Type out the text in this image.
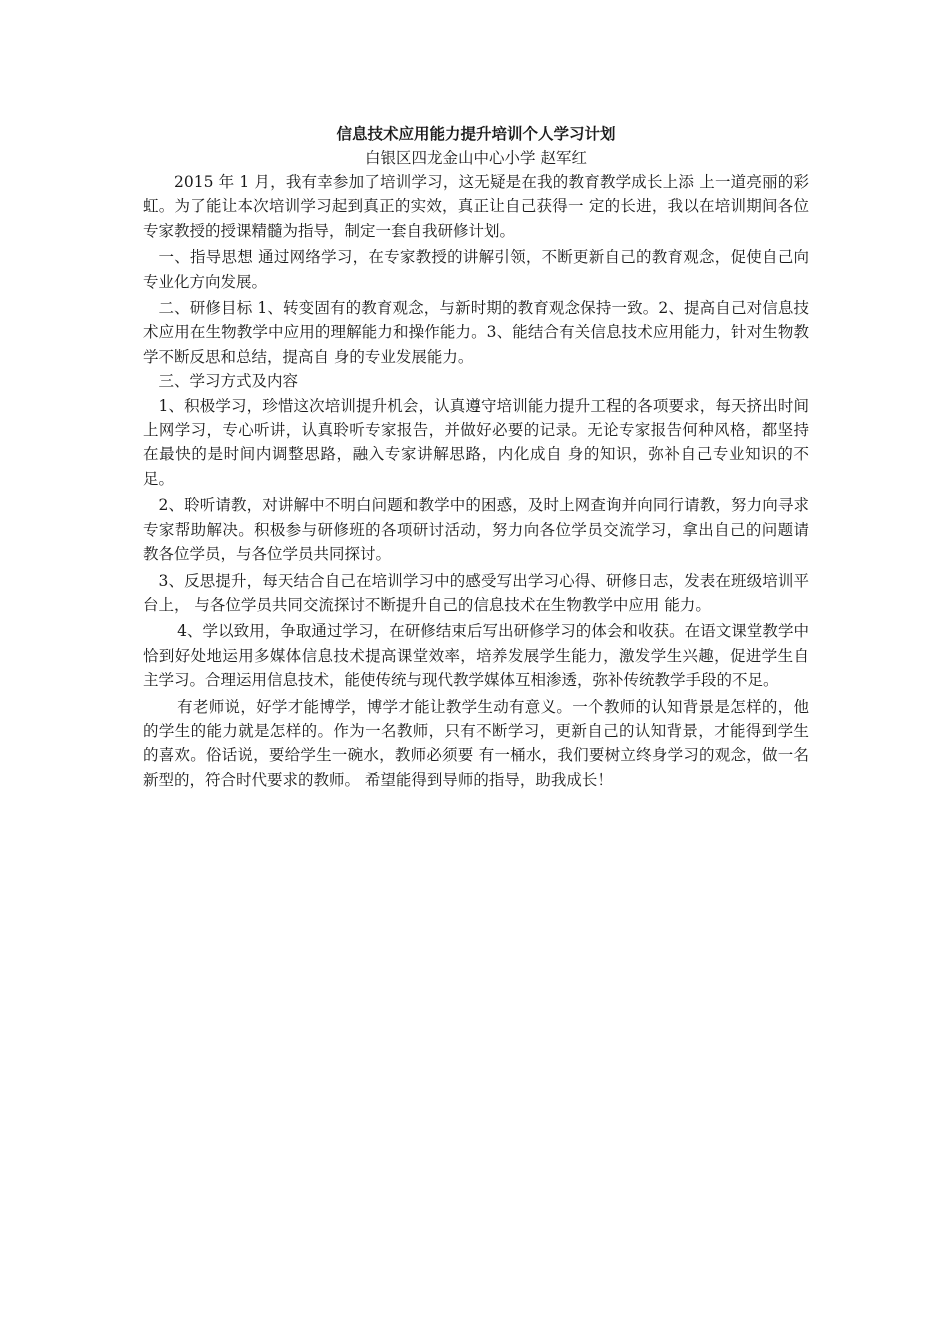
信息技术应用能力提升培训个人学习计划

白银区四龙金山中心小学 赵军红

2015 年 1 月，我有幸参加了培训学习，这无疑是在我的教育教学成长上添 上一道亮丽的彩虹。为了能让本次培训学习起到真正的实效，真正让自己获得一 定的长进，我以在培训期间各位专家教授的授课精髓为指导，制定一套自我研修计划。

一、指导思想 通过网络学习，在专家教授的讲解引领，不断更新自己的教育观念，促使自己向专业化方向发展。

二、研修目标 1、转变固有的教育观念，与新时期的教育观念保持一致。2、提高自己对信息技术应用在生物教学中应用的理解能力和操作能力。3、能结合有关信息技术应用能力，针对生物教学不断反思和总结，提高自 身的专业发展能力。

三、学习方式及内容

1、积极学习，珍惜这次培训提升机会，认真遵守培训能力提升工程的各项要求，每天挤出时间上网学习，专心听讲，认真聆听专家报告，并做好必要的记录。无论专家报告何种风格，都坚持在最快的是时间内调整思路，融入专家讲解思路，内化成自 身的知识，弥补自己专业知识的不足。

2、聆听请教，对讲解中不明白问题和教学中的困惑，及时上网查询并向同行请教，努力向寻求专家帮助解决。积极参与研修班的各项研讨活动，努力向各位学员交流学习，拿出自己的问题请教各位学员，与各位学员共同探讨。

3、反思提升，每天结合自己在培训学习中的感受写出学习心得、研修日志，发表在班级培训平台上， 与各位学员共同交流探讨不断提升自己的信息技术在生物教学中应用 能力。

4、学以致用，争取通过学习，在研修结束后写出研修学习的体会和收获。在语文课堂教学中恰到好处地运用多媒体信息技术提高课堂效率，培养发展学生能力，激发学生兴趣，促进学生自主学习。合理运用信息技术，能使传统与现代教学媒体互相渗透，弥补传统教学手段的不足。

有老师说，好学才能博学，博学才能让教学生动有意义。一个教师的认知背景是怎样的，他的学生的能力就是怎样的。作为一名教师，只有不断学习，更新自己的认知背景，才能得到学生的喜欢。俗话说，要给学生一碗水，教师必须要 有一桶水，我们要树立终身学习的观念，做一名新型的，符合时代要求的教师。 希望能得到导师的指导，助我成长！
